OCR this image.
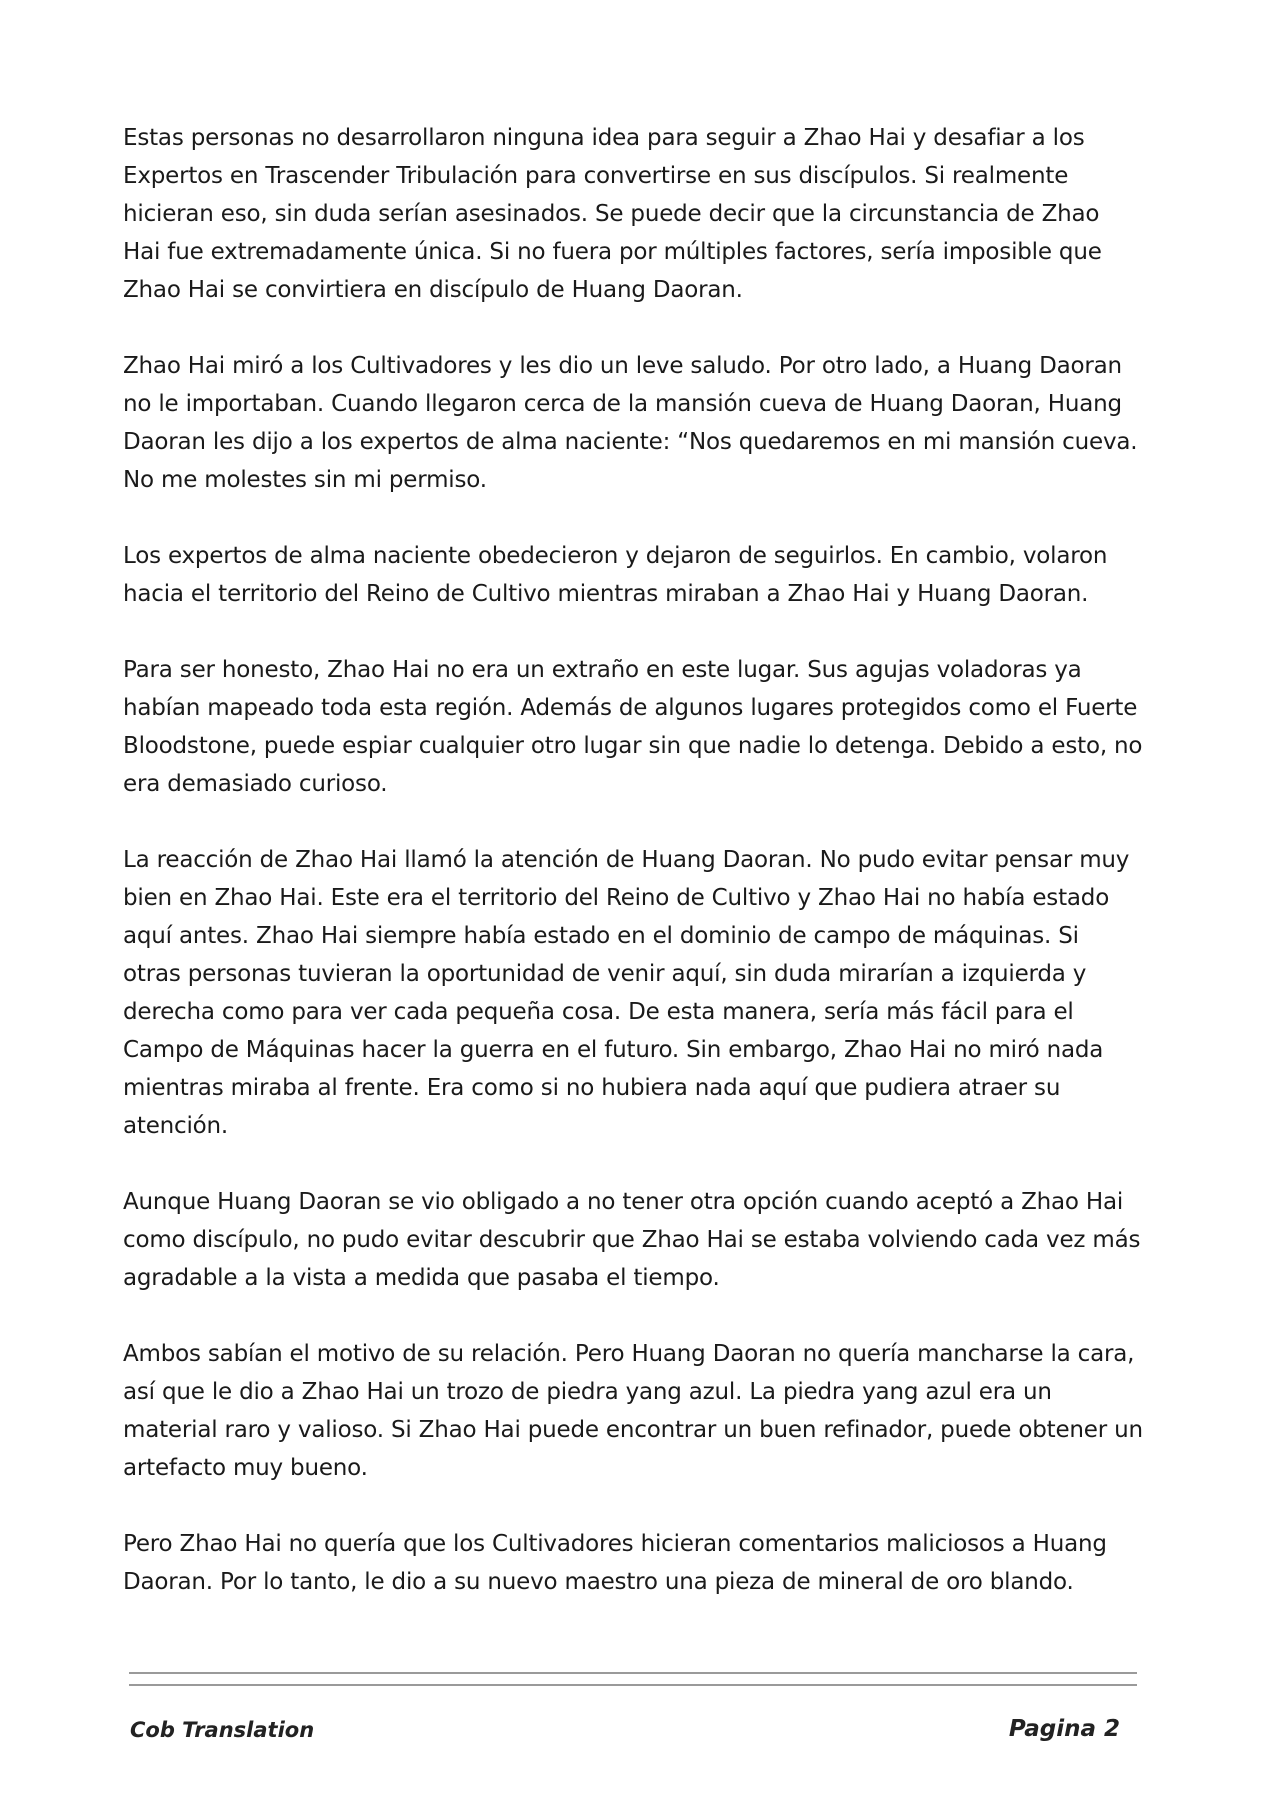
Estas personas no desarrollaron ninguna idea para seguir a Zhao Hai y desafiar a los Expertos en Trascender Tribulación para convertirse en sus discípulos. Si realmente hicieran eso, sin duda serían asesinados. Se puede decir que la circunstancia de Zhao Hai fue extremadamente única. Si no fuera por múltiples factores, sería imposible que Zhao Hai se convirtiera en discípulo de Huang Daoran.

Zhao Hai miró a los Cultivadores y les dio un leve saludo. Por otro lado, a Huang Daoran no le importaban. Cuando llegaron cerca de la mansión cueva de Huang Daoran, Huang Daoran les dijo a los expertos de alma naciente: “Nos quedaremos en mi mansión cueva. No me molestes sin mi permiso.

Los expertos de alma naciente obedecieron y dejaron de seguirlos. En cambio, volaron hacia el territorio del Reino de Cultivo mientras miraban a Zhao Hai y Huang Daoran.

Para ser honesto, Zhao Hai no era un extraño en este lugar. Sus agujas voladoras ya habían mapeado toda esta región. Además de algunos lugares protegidos como el Fuerte Bloodstone, puede espiar cualquier otro lugar sin que nadie lo detenga. Debido a esto, no era demasiado curioso.

La reacción de Zhao Hai llamó la atención de Huang Daoran. No pudo evitar pensar muy bien en Zhao Hai. Este era el territorio del Reino de Cultivo y Zhao Hai no había estado aquí antes. Zhao Hai siempre había estado en el dominio de campo de máquinas. Si otras personas tuvieran la oportunidad de venir aquí, sin duda mirarían a izquierda y derecha como para ver cada pequeña cosa. De esta manera, sería más fácil para el Campo de Máquinas hacer la guerra en el futuro. Sin embargo, Zhao Hai no miró nada mientras miraba al frente. Era como si no hubiera nada aquí que pudiera atraer su atención.

Aunque Huang Daoran se vio obligado a no tener otra opción cuando aceptó a Zhao Hai como discípulo, no pudo evitar descubrir que Zhao Hai se estaba volviendo cada vez más agradable a la vista a medida que pasaba el tiempo.

Ambos sabían el motivo de su relación. Pero Huang Daoran no quería mancharse la cara, así que le dio a Zhao Hai un trozo de piedra yang azul. La piedra yang azul era un material raro y valioso. Si Zhao Hai puede encontrar un buen refinador, puede obtener un artefacto muy bueno.

Pero Zhao Hai no quería que los Cultivadores hicieran comentarios maliciosos a Huang Daoran. Por lo tanto, le dio a su nuevo maestro una pieza de mineral de oro blando.

Cob Translation	Pagina 2
